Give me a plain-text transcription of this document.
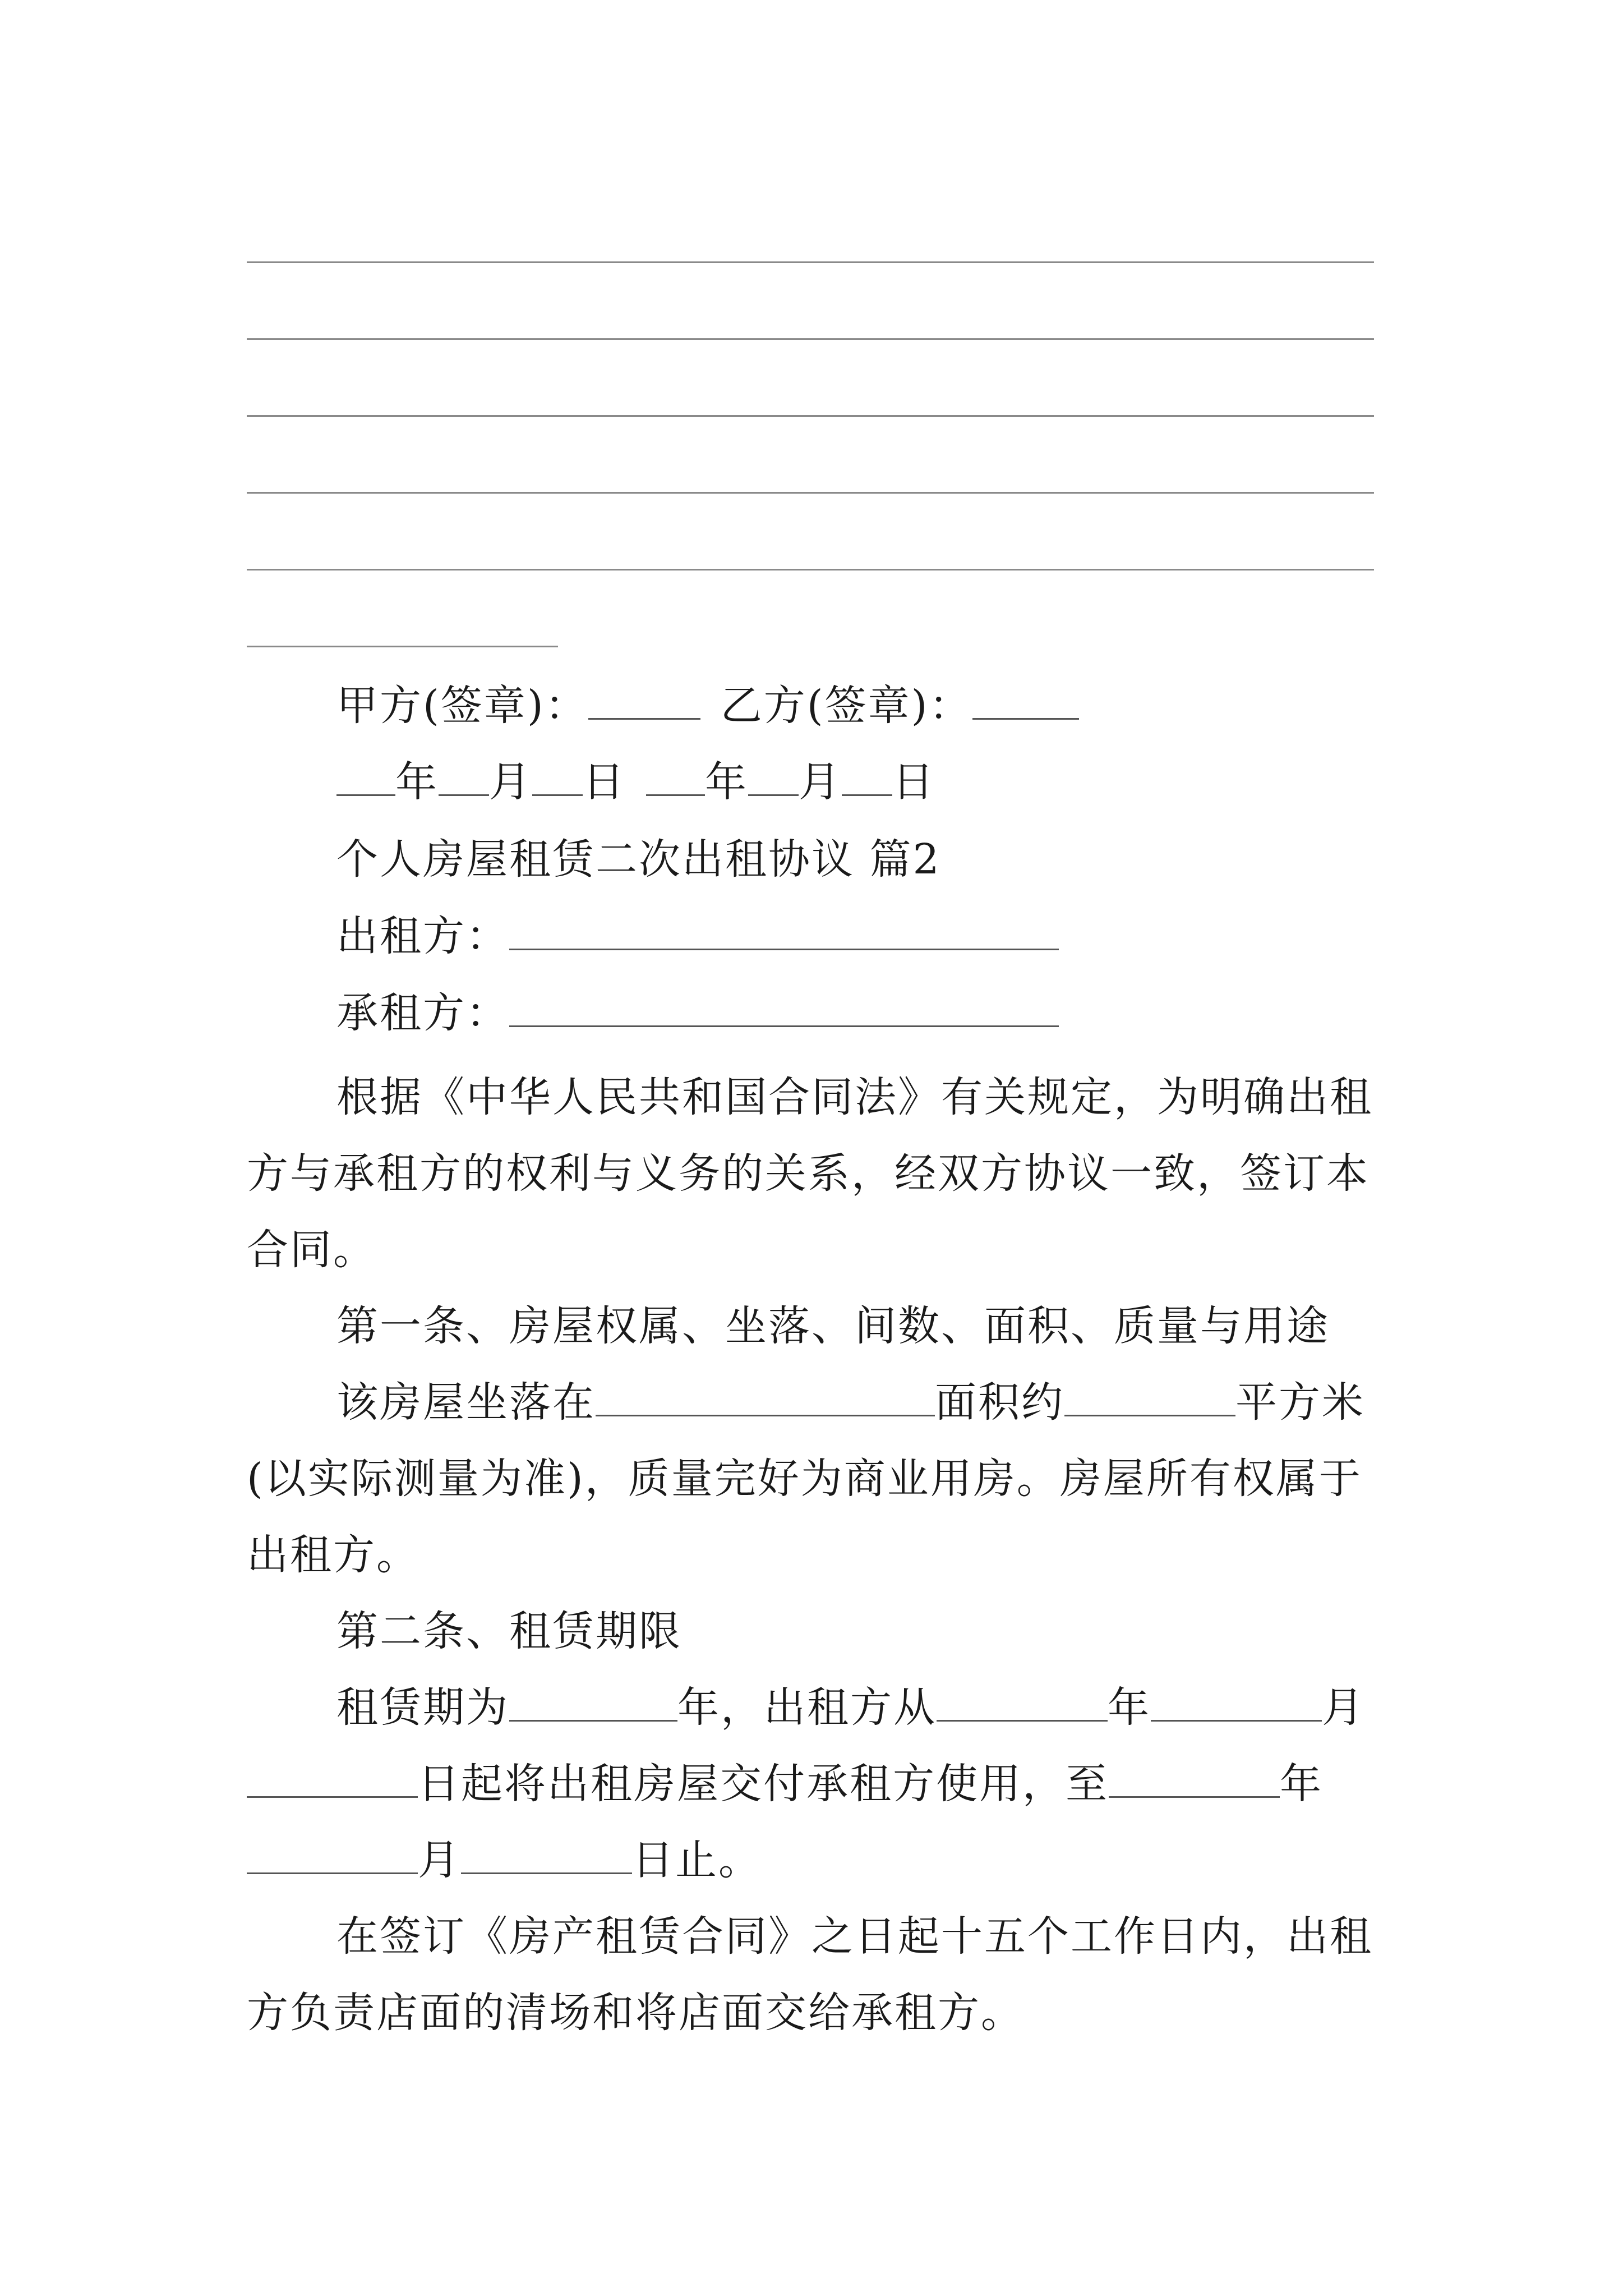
甲方(签章)：	乙方(签章)：
年 月 日 年 月 日
个人房屋租赁二次出租协议 篇2
出租方：
承租方：
根据《中华人民共和国合同法》有关规定，为明确出租
方与承租方的权利与义务的关系，经双方协议一致，签订本
合同。
第一条、房屋权属、坐落、间数、面积、质量与用途
该房屋坐落在	面积约	平方米
(以实际测量为准)，质量完好为商业用房。房屋所有权属于
出租方。
第二条、租赁期限
租赁期为	年，出租方从	年	月
日起将出租房屋交付承租方使用，至	年
月	日止。
在签订《房产租赁合同》之日起十五个工作日内，出租
方负责店面的清场和将店面交给承租方。
